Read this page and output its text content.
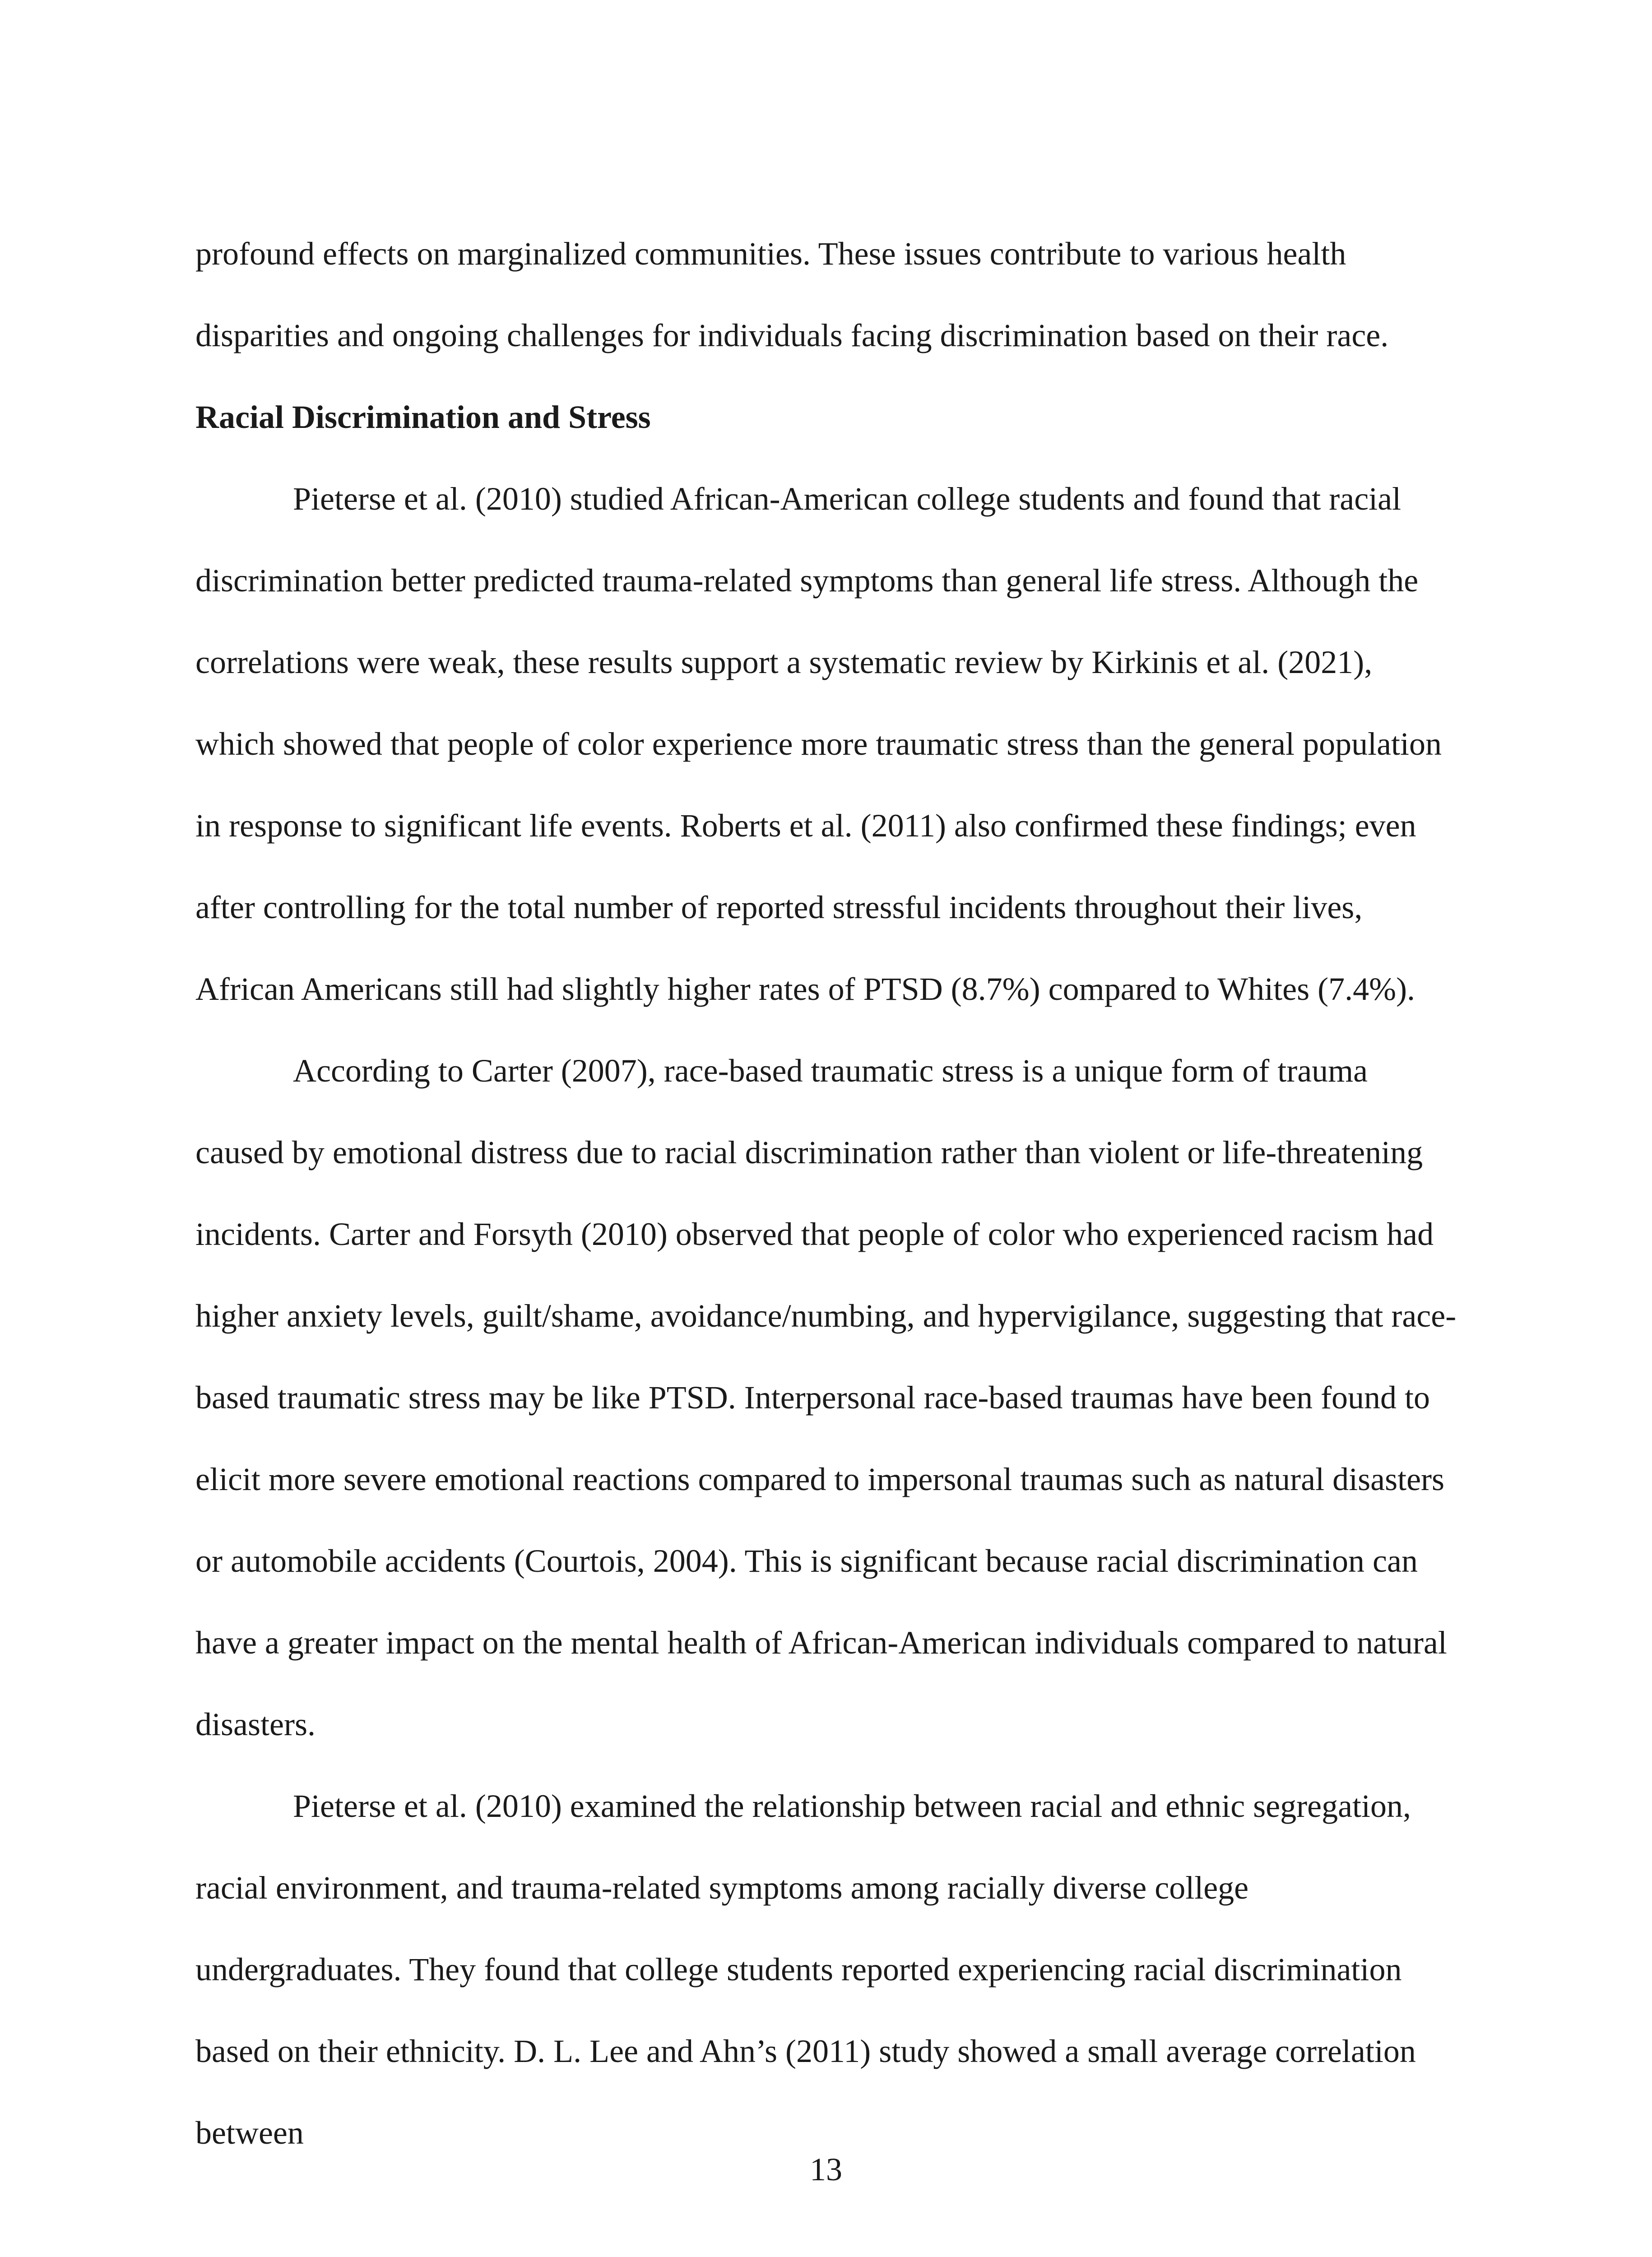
profound effects on marginalized communities. These issues contribute to various health disparities and ongoing challenges for individuals facing discrimination based on their race.

Racial Discrimination and Stress

Pieterse et al. (2010) studied African-American college students and found that racial discrimination better predicted trauma-related symptoms than general life stress. Although the correlations were weak, these results support a systematic review by Kirkinis et al. (2021), which showed that people of color experience more traumatic stress than the general population in response to significant life events. Roberts et al. (2011) also confirmed these findings; even after controlling for the total number of reported stressful incidents throughout their lives, African Americans still had slightly higher rates of PTSD (8.7%) compared to Whites (7.4%).

According to Carter (2007), race-based traumatic stress is a unique form of trauma caused by emotional distress due to racial discrimination rather than violent or life-threatening incidents. Carter and Forsyth (2010) observed that people of color who experienced racism had higher anxiety levels, guilt/shame, avoidance/numbing, and hypervigilance, suggesting that race-based traumatic stress may be like PTSD. Interpersonal race-based traumas have been found to elicit more severe emotional reactions compared to impersonal traumas such as natural disasters or automobile accidents (Courtois, 2004). This is significant because racial discrimination can have a greater impact on the mental health of African-American individuals compared to natural disasters.

Pieterse et al. (2010) examined the relationship between racial and ethnic segregation, racial environment, and trauma-related symptoms among racially diverse college undergraduates. They found that college students reported experiencing racial discrimination based on their ethnicity. D. L. Lee and Ahn’s (2011) study showed a small average correlation between

13
